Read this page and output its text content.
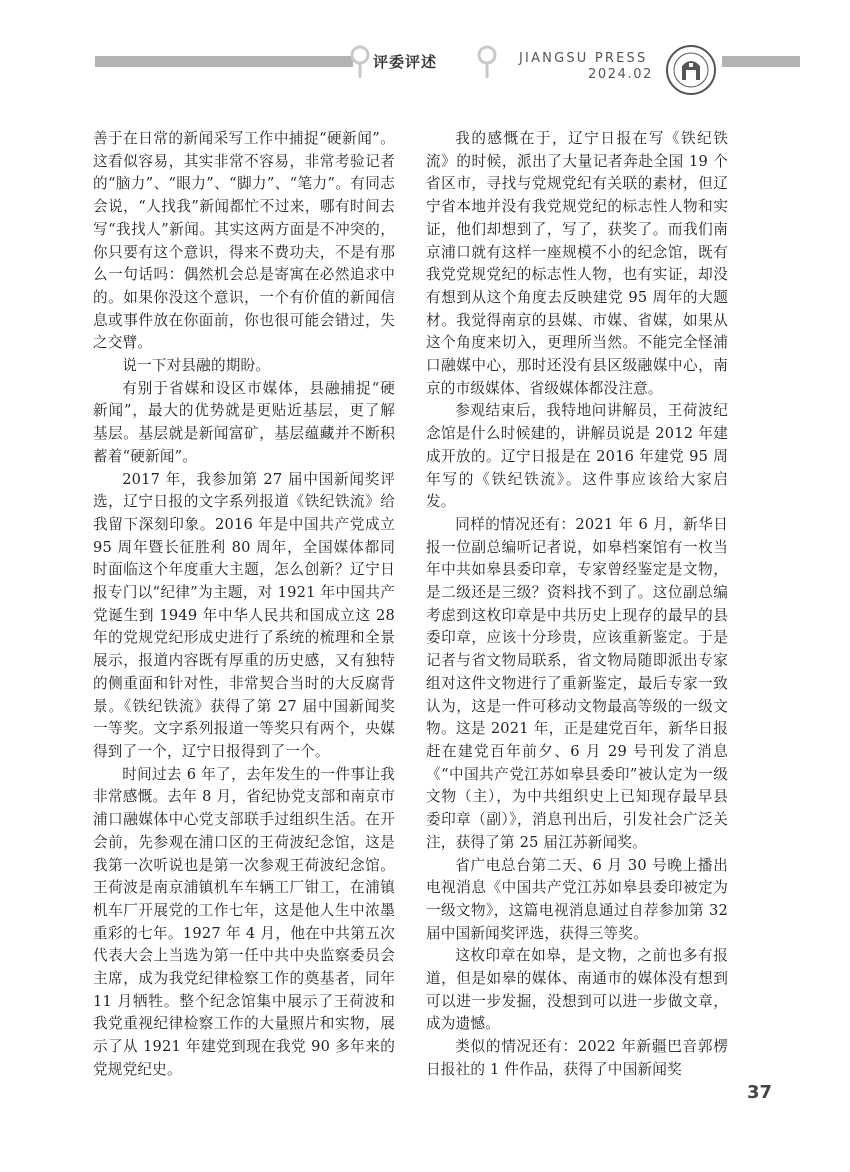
评委评述	JIANGSU PRESS
2024.02

善于在日常的新闻采写工作中捕捉“硬新闻”。这看似容易，其实非常不容易，非常考验记者的“脑力”、“眼力”、“脚力”、“笔力”。有同志会说，“人找我”新闻都忙不过来，哪有时间去写“我找人”新闻。其实这两方面是不冲突的，你只要有这个意识，得来不费功夫，不是有那么一句话吗：偶然机会总是寄寓在必然追求中的。如果你没这个意识，一个有价值的新闻信息或事件放在你面前，你也很可能会错过，失之交臂。

说一下对县融的期盼。

有别于省媒和设区市媒体，县融捕捉“硬新闻”，最大的优势就是更贴近基层，更了解基层。基层就是新闻富矿，基层蕴藏并不断积蓄着“硬新闻”。

2017 年，我参加第 27 届中国新闻奖评选，辽宁日报的文字系列报道《铁纪铁流》给我留下深刻印象。2016 年是中国共产党成立 95 周年暨长征胜利 80 周年，全国媒体都同时面临这个年度重大主题，怎么创新？辽宁日报专门以“纪律”为主题，对 1921 年中国共产党诞生到 1949 年中华人民共和国成立这 28 年的党规党纪形成史进行了系统的梳理和全景展示，报道内容既有厚重的历史感，又有独特的侧重面和针对性，非常契合当时的大反腐背景。《铁纪铁流》获得了第 27 届中国新闻奖一等奖。文字系列报道一等奖只有两个，央媒得到了一个，辽宁日报得到了一个。

时间过去 6 年了，去年发生的一件事让我非常感慨。去年 8 月，省纪协党支部和南京市浦口融媒体中心党支部联手过组织生活。在开会前，先参观在浦口区的王荷波纪念馆，这是我第一次听说也是第一次参观王荷波纪念馆。王荷波是南京浦镇机车车辆工厂钳工，在浦镇机车厂开展党的工作七年，这是他人生中浓墨重彩的七年。1927 年 4 月，他在中共第五次代表大会上当选为第一任中共中央监察委员会主席，成为我党纪律检察工作的奠基者，同年 11 月牺牲。整个纪念馆集中展示了王荷波和我党重视纪律检察工作的大量照片和实物，展示了从 1921 年建党到现在我党 90 多年来的党规党纪史。

我的感慨在于，辽宁日报在写《铁纪铁流》的时候，派出了大量记者奔赴全国 19 个省区市，寻找与党规党纪有关联的素材，但辽宁省本地并没有我党规党纪的标志性人物和实证，他们却想到了，写了，获奖了。而我们南京浦口就有这样一座规模不小的纪念馆，既有我党党规党纪的标志性人物，也有实证，却没有想到从这个角度去反映建党 95 周年的大题材。我觉得南京的县媒、市媒、省媒，如果从这个角度来切入，更理所当然。不能完全怪浦口融媒中心，那时还没有县区级融媒中心，南京的市级媒体、省级媒体都没注意。

参观结束后，我特地问讲解员，王荷波纪念馆是什么时候建的，讲解员说是 2012 年建成开放的。辽宁日报是在 2016 年建党 95 周年写的《铁纪铁流》。这件事应该给大家启发。

同样的情况还有：2021 年 6 月，新华日报一位副总编听记者说，如皋档案馆有一枚当年中共如皋县委印章，专家曾经鉴定是文物，是二级还是三级？资料找不到了。这位副总编考虑到这枚印章是中共历史上现存的最早的县委印章，应该十分珍贵，应该重新鉴定。于是记者与省文物局联系，省文物局随即派出专家组对这件文物进行了重新鉴定，最后专家一致认为，这是一件可移动文物最高等级的一级文物。这是 2021 年，正是建党百年，新华日报赶在建党百年前夕、6 月 29 号刊发了消息《“中国共产党江苏如皋县委印”被认定为一级文物（主），为中共组织史上已知现存最早县委印章（副）》，消息刊出后，引发社会广泛关注，获得了第 25 届江苏新闻奖。

省广电总台第二天、6 月 30 号晚上播出电视消息《中国共产党江苏如皋县委印被定为一级文物》，这篇电视消息通过自荐参加第 32 届中国新闻奖评选，获得三等奖。

这枚印章在如皋，是文物，之前也多有报道，但是如皋的媒体、南通市的媒体没有想到可以进一步发掘，没想到可以进一步做文章，成为遗憾。

类似的情况还有：2022 年新疆巴音郭楞日报社的 1 件作品，获得了中国新闻奖

37
